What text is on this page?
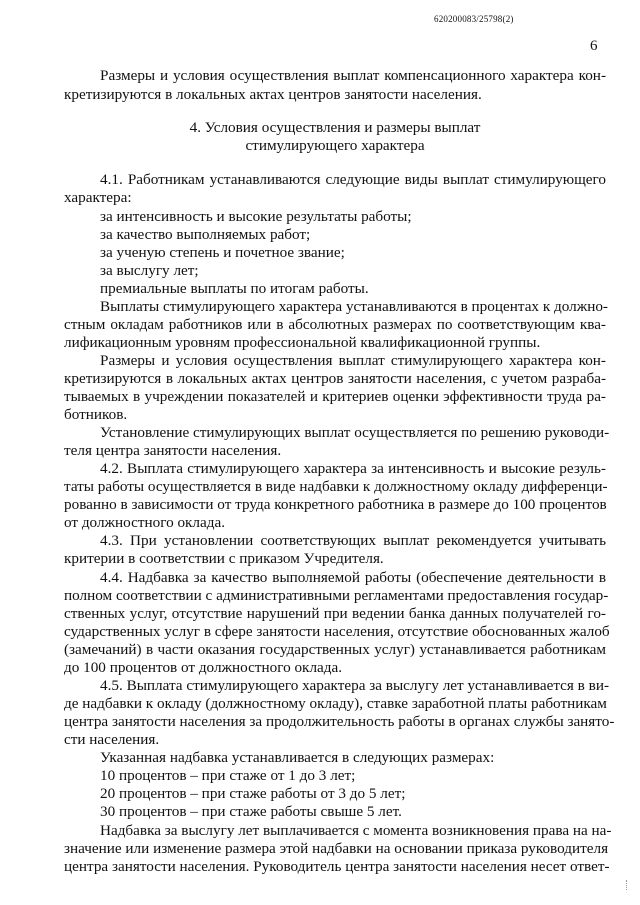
620200083/25798(2)
6
Размеры и условия осуществления выплат компенсационного характера кон-
кретизируются в локальных актах центров занятости населения.
4. Условия осуществления и размеры выплат
стимулирующего характера
4.1. Работникам устанавливаются следующие виды выплат стимулирующего
характера:
за интенсивность и высокие результаты работы;
за качество выполняемых работ;
за ученую степень и почетное звание;
за выслугу лет;
премиальные выплаты по итогам работы.
Выплаты стимулирующего характера устанавливаются в процентах к должно-
стным окладам работников или в абсолютных размерах по соответствующим ква-
лификационным уровням профессиональной квалификационной группы.
Размеры и условия осуществления выплат стимулирующего характера кон-
кретизируются в локальных актах центров занятости населения, с учетом разраба-
тываемых в учреждении показателей и критериев оценки эффективности труда ра-
ботников.
Установление стимулирующих выплат осуществляется по решению руководи-
теля центра занятости населения.
4.2. Выплата стимулирующего характера за интенсивность и высокие резуль-
таты работы осуществляется в виде надбавки к должностному окладу дифференци-
рованно в зависимости от труда конкретного работника в размере до 100 процентов
от должностного оклада.
4.3. При установлении соответствующих выплат рекомендуется учитывать
критерии в соответствии с приказом Учредителя.
4.4. Надбавка за качество выполняемой работы (обеспечение деятельности в
полном соответствии с административными регламентами предоставления государ-
ственных услуг, отсутствие нарушений при ведении банка данных получателей го-
сударственных услуг в сфере занятости населения, отсутствие обоснованных жалоб
(замечаний) в части оказания государственных услуг) устанавливается работникам
до 100 процентов от должностного оклада.
4.5. Выплата стимулирующего характера за выслугу лет устанавливается в ви-
де надбавки к окладу (должностному окладу), ставке заработной платы работникам
центра занятости населения за продолжительность работы в органах службы занято-
сти населения.
Указанная надбавка устанавливается в следующих размерах:
10 процентов – при стаже от 1 до 3 лет;
20 процентов – при стаже работы от 3 до 5 лет;
30 процентов – при стаже работы свыше 5 лет.
Надбавка за выслугу лет выплачивается с момента возникновения права на на-
значение или изменение размера этой надбавки на основании приказа руководителя
центра занятости населения. Руководитель центра занятости населения несет ответ-
